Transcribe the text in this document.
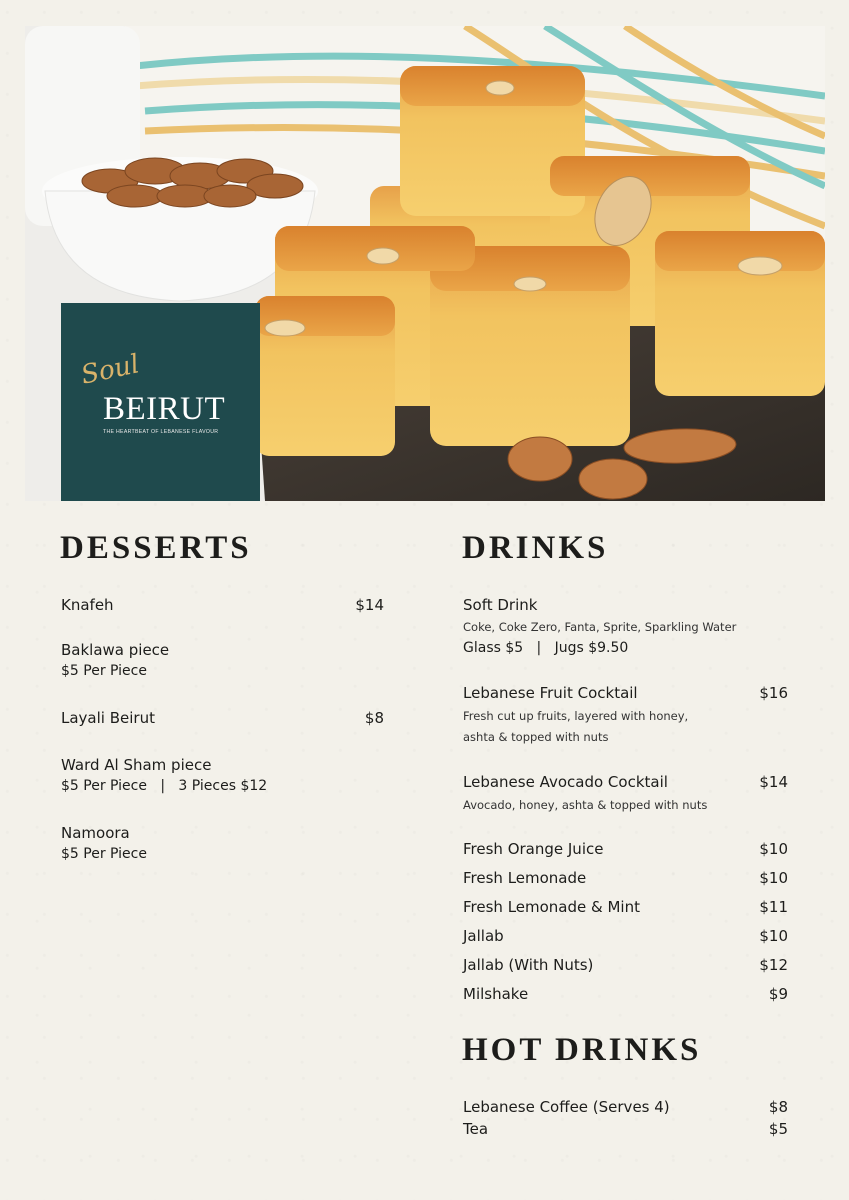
Soul
BEIRUT
THE HEARTBEAT OF LEBANESE FLAVOUR
DESSERTS
Knafeh	$14
Baklawa piece
$5 Per Piece
Layali Beirut	$8
Ward Al Sham piece
$5 Per Piece   |   3 Pieces $12
Namoora
$5 Per Piece
DRINKS
Soft Drink
Coke, Coke Zero, Fanta, Sprite, Sparkling Water
Glass $5   |   Jugs $9.50
Lebanese Fruit Cocktail	$16
Fresh cut up fruits, layered with honey,
ashta & topped with nuts
Lebanese Avocado Cocktail	$14
Avocado, honey, ashta & topped with nuts
Fresh Orange Juice	$10
Fresh Lemonade	$10
Fresh Lemonade & Mint	$11
Jallab	$10
Jallab (With Nuts)	$12
Milshake	$9
HOT DRINKS
Lebanese Coffee (Serves 4)	$8
Tea	$5
